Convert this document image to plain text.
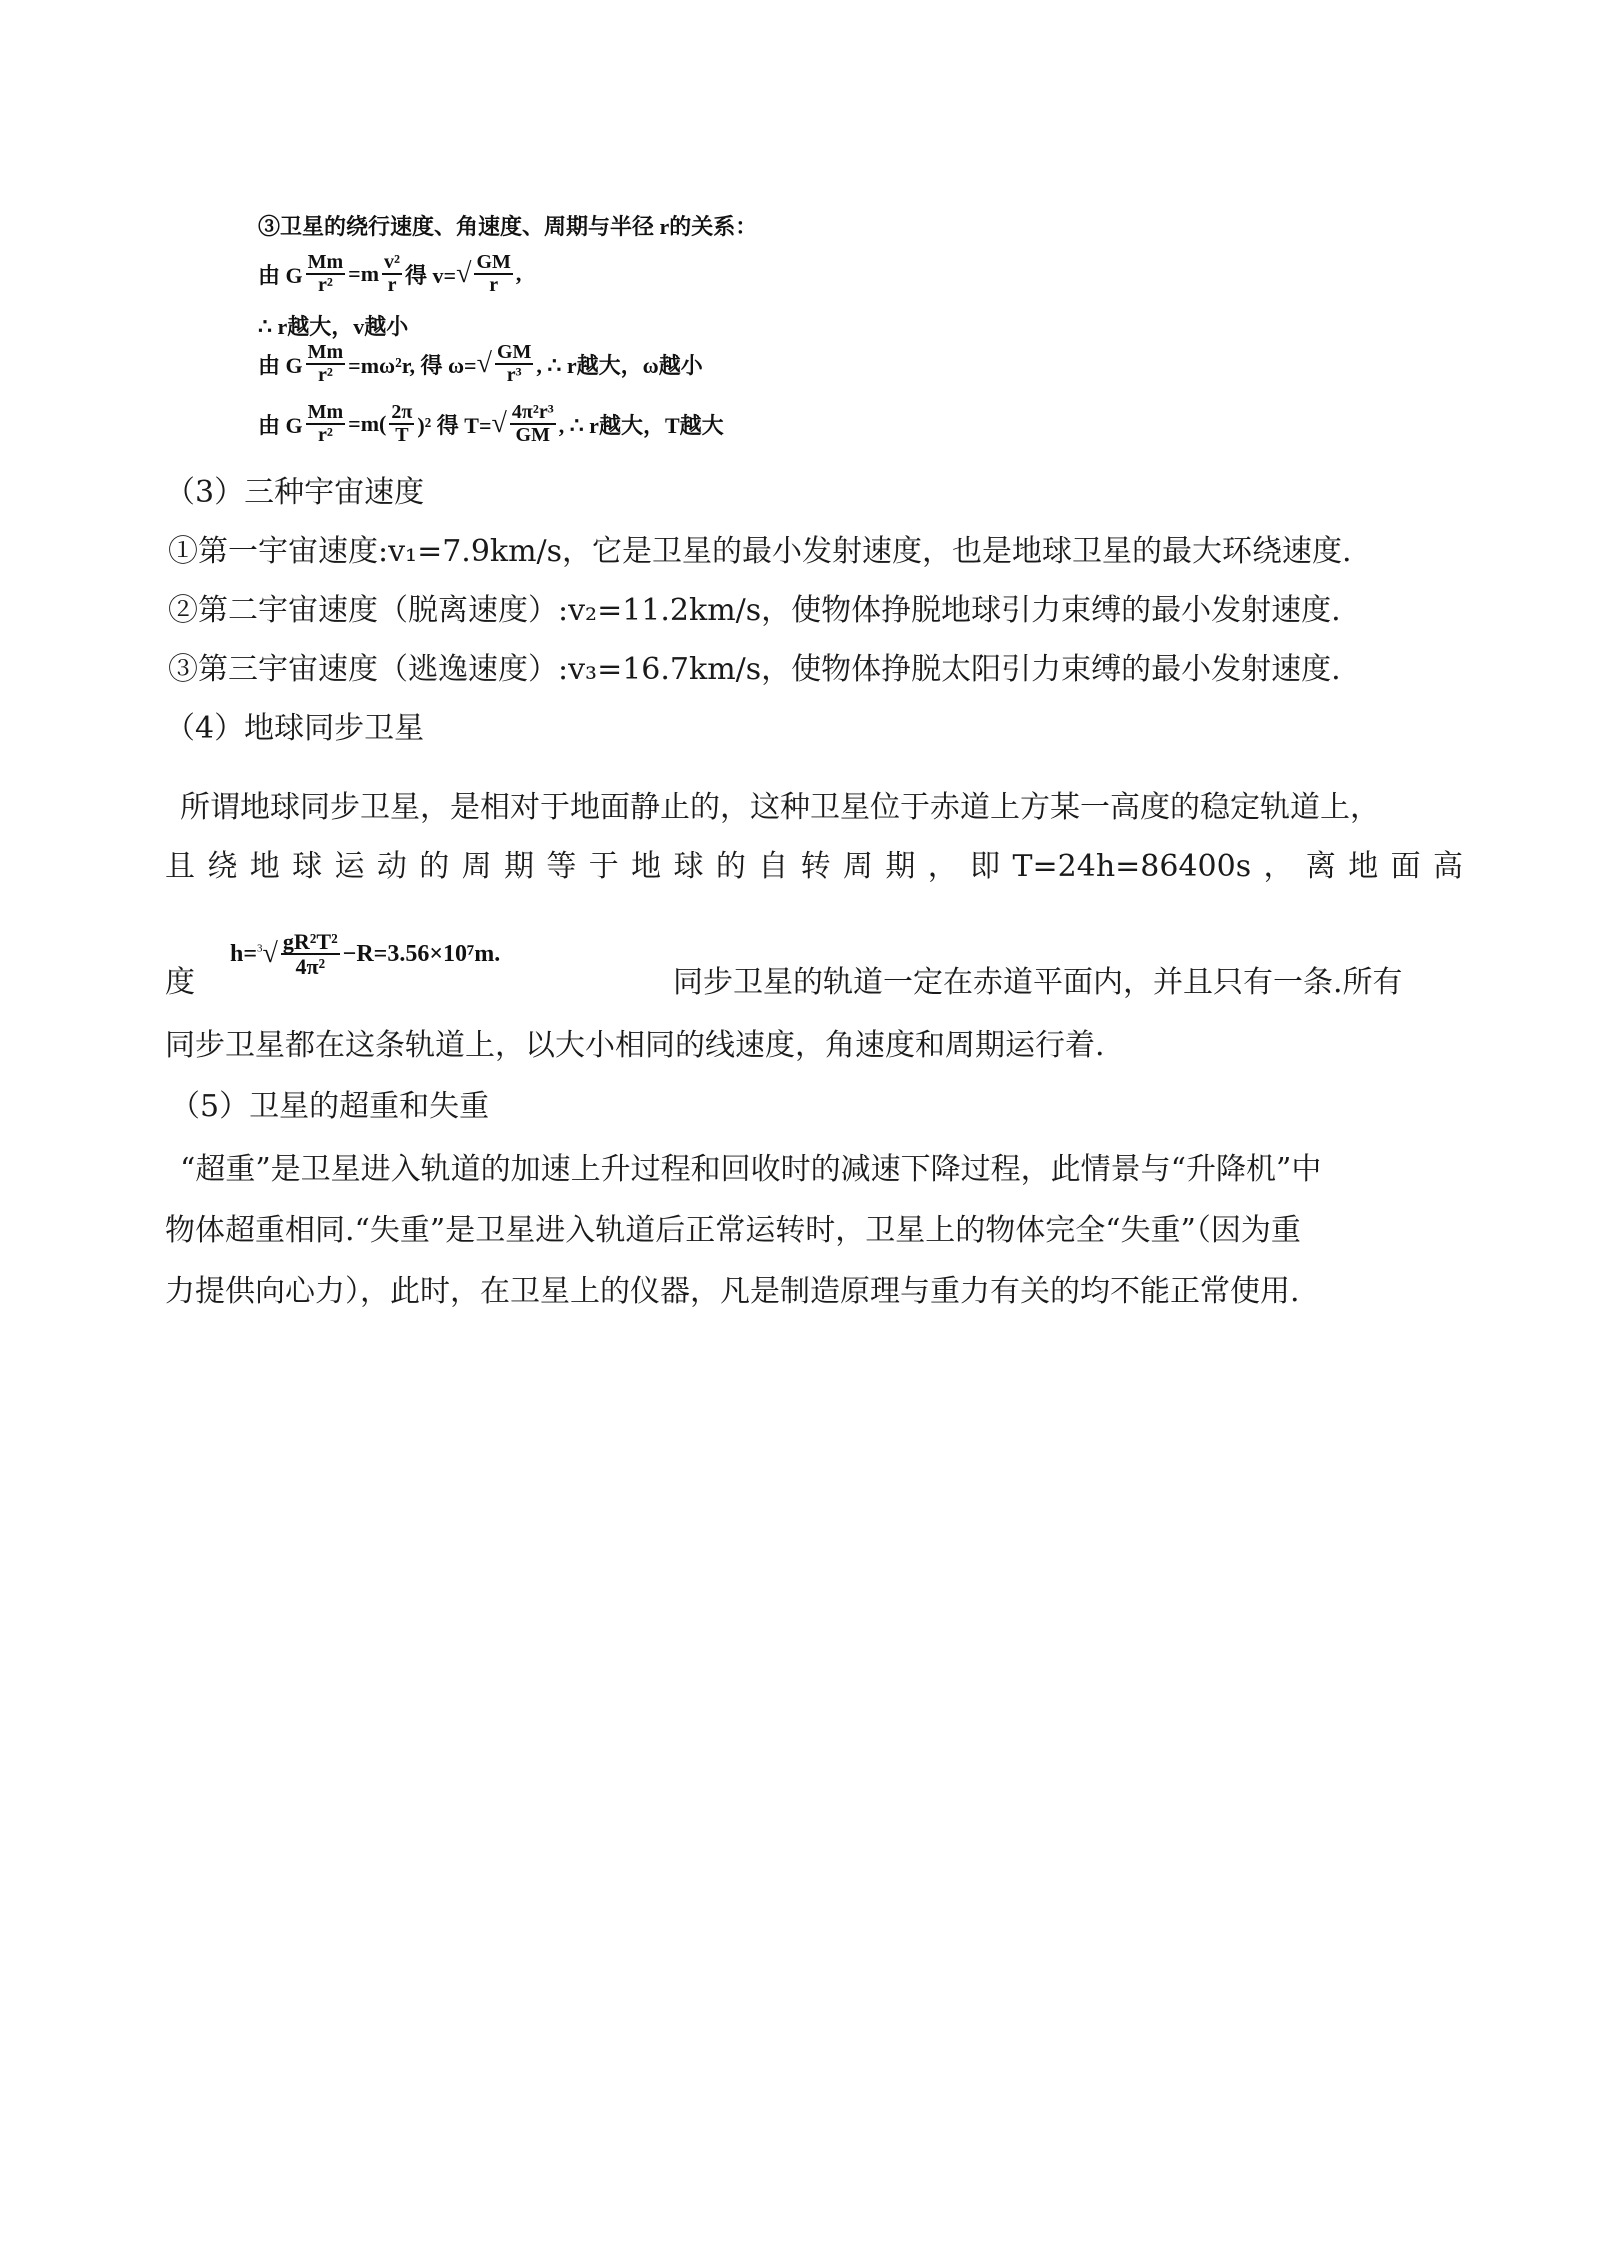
③卫星的绕行速度、角速度、周期与半径 r的关系：
由 G $\frac{Mm}{\text{r²}} =m \frac{\text{v²}}{r}$ 得 v= √ $\frac{GM}{r}$ ,
∴ r越大，v越小
由 G $\frac{Mm}{\text{r²}} =m\omega^2r$, 得 ω= √ $\frac{GM}{\text{r³}}$ , ∴ r越大，ω越小
由 G $\frac{Mm}{\text{r²}} =m( \frac{2\pi}{T} )^2$ 得 T= √ $\frac{\text{4π²r³}}{GM}$ , ∴ r越大，T越大
（3）三种宇宙速度
①第一宇宙速度:v₁=7.9km/s，它是卫星的最小发射速度，也是地球卫星的最大环绕速度.
②第二宇宙速度（脱离速度）:v₂=11.2km/s，使物体挣脱地球引力束缚的最小发射速度.
③第三宇宙速度（逃逸速度）:v₃=16.7km/s，使物体挣脱太阳引力束缚的最小发射速度.
（4）地球同步卫星
所谓地球同步卫星，是相对于地面静止的，这种卫星位于赤道上方某一高度的稳定轨道上，
且 绕 地 球 运 动 的 周 期 等 于 地 球 的 自 转 周 期 ， 即 T=24h=86400s ， 离 地 面 高
度
$h= ^3√ \frac{\text{gR²T²}}{\text{4π²}} -R=3.56\times 10^7m$.
同步卫星的轨道一定在赤道平面内，并且只有一条.所有
同步卫星都在这条轨道上，以大小相同的线速度，角速度和周期运行着.
（5）卫星的超重和失重
“超重”是卫星进入轨道的加速上升过程和回收时的减速下降过程，此情景与“升降机”中
物体超重相同.“失重”是卫星进入轨道后正常运转时，卫星上的物体完全“失重”（因为重
力提供向心力），此时，在卫星上的仪器，凡是制造原理与重力有关的均不能正常使用.
